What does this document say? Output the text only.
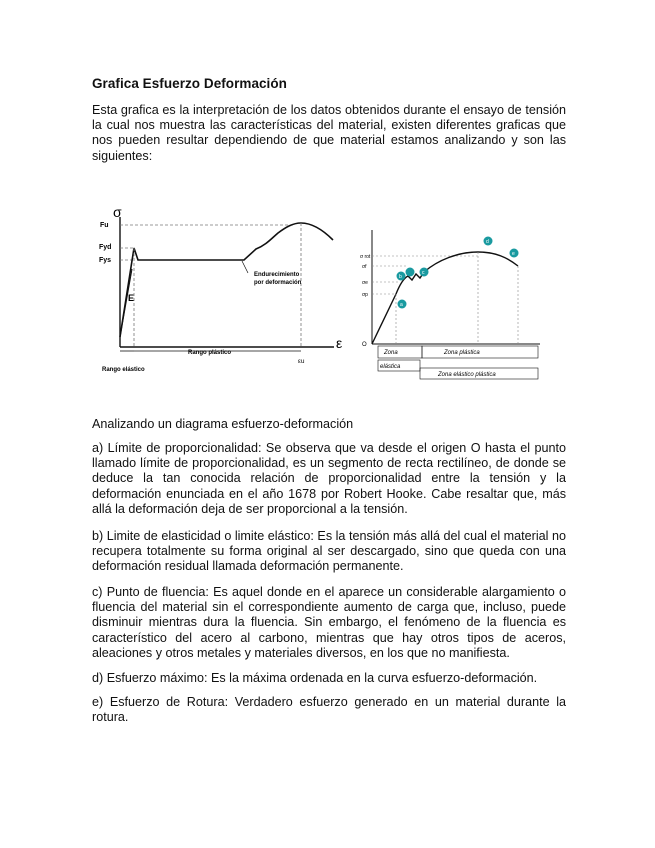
Grafica Esfuerzo Deformación
Esta grafica es la interpretación de los datos obtenidos durante el ensayo de tensión la cual nos muestra las características del material, existen diferentes graficas que nos pueden resultar dependiendo de que material estamos analizando y son las siguientes:
σ
ε
Fu
Fyd
Fys
E
Endurecimiento
por deformación
Rango plástico
εu
Rango elástico
O
σ rot
σf
σe
σp
a
b
c
d
e
Zona	Zona plástica
elástica
Zona elástico plástica
Analizando un diagrama esfuerzo-deformación
a) Límite de proporcionalidad: Se observa que va desde el origen O hasta el punto llamado límite de proporcionalidad, es un segmento de recta rectilíneo, de donde se deduce la tan conocida relación de proporcionalidad entre la tensión y la deformación enunciada en el año 1678 por Robert Hooke. Cabe resaltar que, más allá la deformación deja de ser proporcional a la tensión.
b) Limite de elasticidad o limite elástico: Es la tensión más allá del cual el material no recupera totalmente su forma original al ser descargado, sino que queda con una deformación residual llamada deformación permanente.
c) Punto de fluencia: Es aquel donde en el aparece un considerable alargamiento o fluencia del material sin el correspondiente aumento de carga que, incluso, puede disminuir mientras dura la fluencia. Sin embargo, el fenómeno de la fluencia es característico del acero al carbono, mientras que hay otros tipos de aceros, aleaciones y otros metales y materiales diversos, en los que no manifiesta.
d) Esfuerzo máximo: Es la máxima ordenada en la curva esfuerzo-deformación.
e) Esfuerzo de Rotura: Verdadero esfuerzo generado en un material durante la rotura.
